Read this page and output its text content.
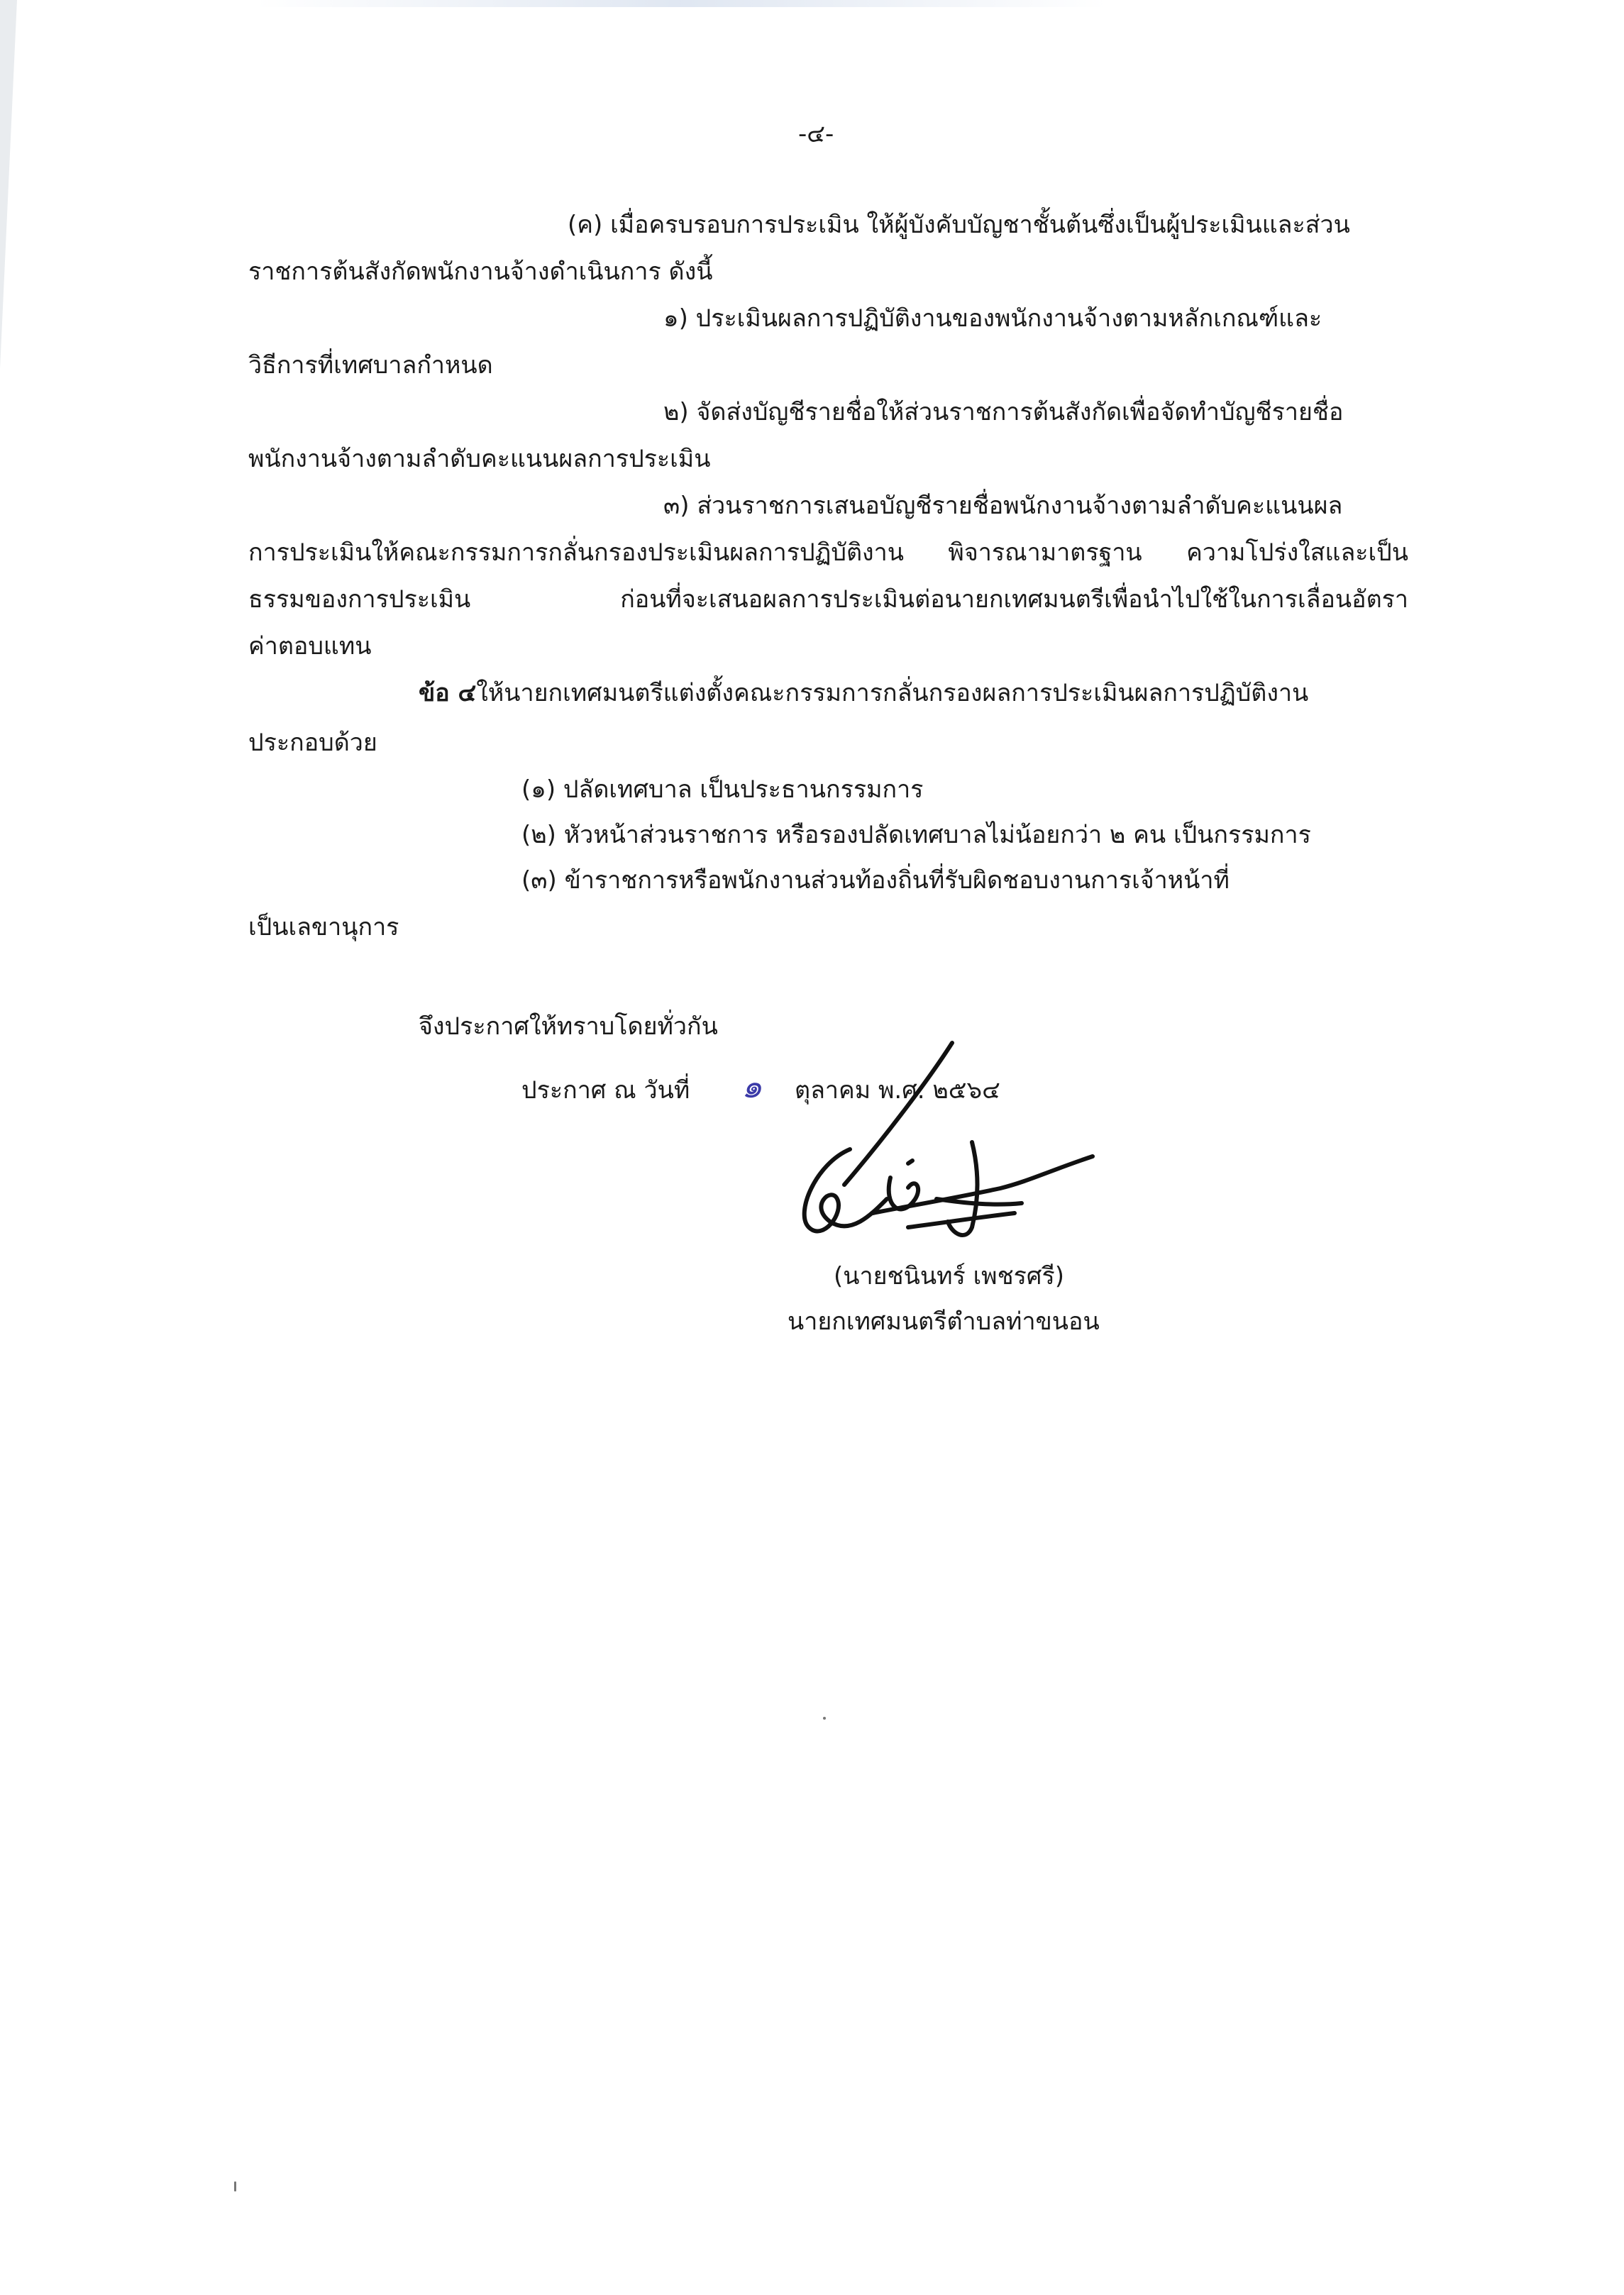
-๔-
(ค) เมื่อครบรอบการประเมิน ให้ผู้บังคับบัญชาชั้นต้นซึ่งเป็นผู้ประเมินและส่วน
ราชการต้นสังกัดพนักงานจ้างดำเนินการ ดังนี้
๑) ประเมินผลการปฏิบัติงานของพนักงานจ้างตามหลักเกณฑ์และ
วิธีการที่เทศบาลกำหนด
๒) จัดส่งบัญชีรายชื่อให้ส่วนราชการต้นสังกัดเพื่อจัดทำบัญชีรายชื่อ
พนักงานจ้างตามลำดับคะแนนผลการประเมิน
๓) ส่วนราชการเสนอบัญชีรายชื่อพนักงานจ้างตามลำดับคะแนนผล
การประเมินให้คณะกรรมการกลั่นกรองประเมินผลการปฏิบัติงาน พิจารณามาตรฐาน ความโปร่งใสและเป็น
ธรรมของการประเมิน ก่อนที่จะเสนอผลการประเมินต่อนายกเทศมนตรีเพื่อนำไปใช้ในการเลื่อนอัตรา
ค่าตอบแทน
ข้อ ๔ให้นายกเทศมนตรีแต่งตั้งคณะกรรมการกลั่นกรองผลการประเมินผลการปฏิบัติงาน
ประกอบด้วย
(๑) ปลัดเทศบาล เป็นประธานกรรมการ
(๒) หัวหน้าส่วนราชการ หรือรองปลัดเทศบาลไม่น้อยกว่า ๒ คน เป็นกรรมการ
(๓) ข้าราชการหรือพนักงานส่วนท้องถิ่นที่รับผิดชอบงานการเจ้าหน้าที่
เป็นเลขานุการ
จึงประกาศให้ทราบโดยทั่วกัน
ประกาศ ณ วันที่ ๑ ตุลาคม พ.ศ. ๒๕๖๔
(นายชนินทร์ เพชรศรี)
นายกเทศมนตรีตำบลท่าขนอน
